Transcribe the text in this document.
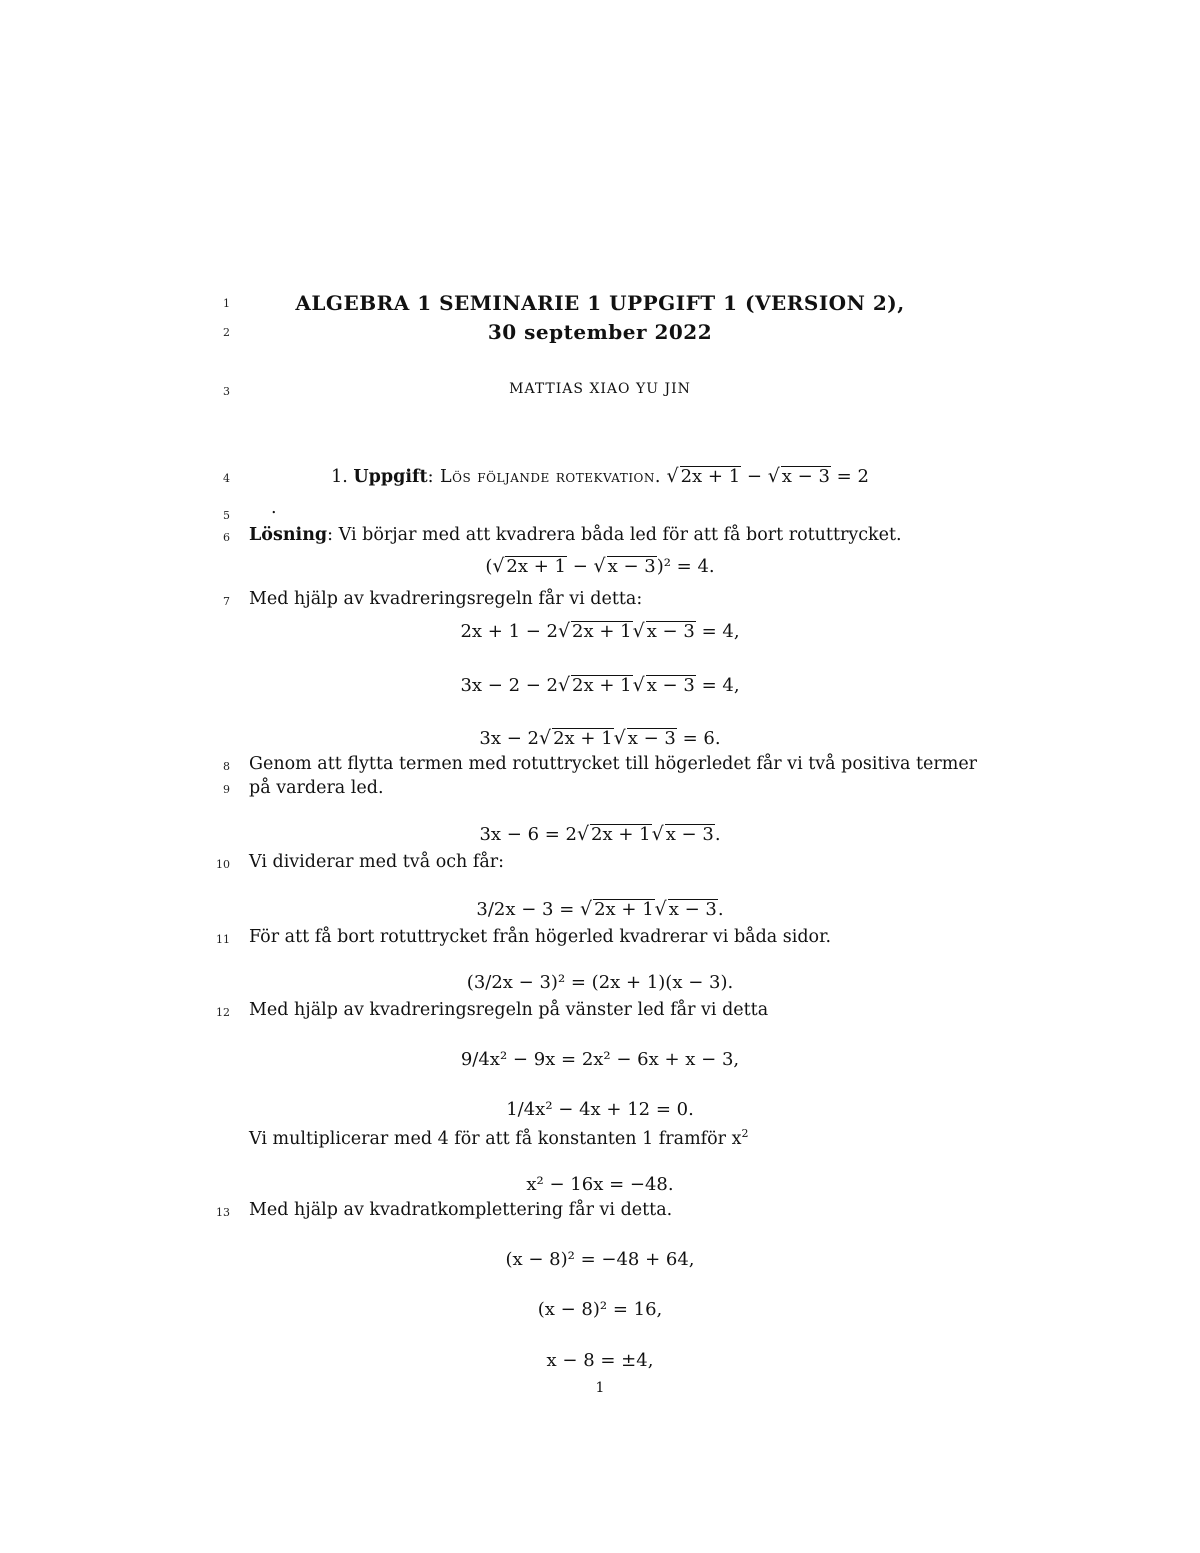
1
2
3
4
5
6
7
8
9
10
11
12
13
ALGEBRA 1 SEMINARIE 1 UPPGIFT 1 (VERSION 2),
30 september 2022
MATTIAS XIAO YU JIN
1. Uppgift: Lös följande rotekvation. √ 2x + 1 − √ x − 3 = 2
.
Lösning: Vi börjar med att kvadrera båda led för att få bort rotuttrycket.
(√ 2x + 1 − √ x − 3)² = 4.
Med hjälp av kvadreringsregeln får vi detta:
2x + 1 − 2√ 2x + 1√ x − 3 = 4,
3x − 2 − 2√ 2x + 1√ x − 3 = 4,
3x − 2√ 2x + 1√ x − 3 = 6.
Genom att flytta termen med rotuttrycket till högerledet får vi två positiva termer
på vardera led.
3x − 6 = 2√ 2x + 1√ x − 3.
Vi dividerar med två och får:
3/2x − 3 = √ 2x + 1√ x − 3.
För att få bort rotuttrycket från högerled kvadrerar vi båda sidor.
(3/2x − 3)² = (2x + 1)(x − 3).
Med hjälp av kvadreringsregeln på vänster led får vi detta
9/4x² − 9x = 2x² − 6x + x − 3,
1/4x² − 4x + 12 = 0.
Vi multiplicerar med 4 för att få konstanten 1 framför $x^2$
x² − 16x = −48.
Med hjälp av kvadratkomplettering får vi detta.
(x − 8)² = −48 + 64,
(x − 8)² = 16,
x − 8 = ±4,
1
